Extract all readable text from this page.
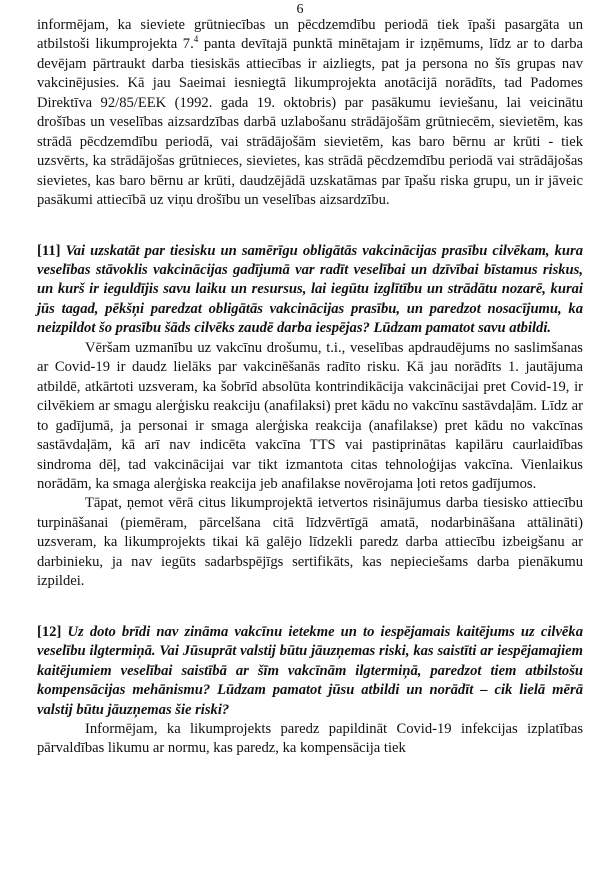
6

informējam, ka sieviete grūtniecības un pēcdzemdību periodā tiek īpaši pasargāta un atbilstoši likumprojekta 7.$^4$ panta devītajā punktā minētajam ir izņēmums, līdz ar to darba devējam pārtraukt darba tiesiskās attiecības ir aizliegts, pat ja persona no šīs grupas nav vakcinējusies. Kā jau Saeimai iesniegtā likumprojekta anotācijā norādīts, tad Padomes Direktīva 92/85/EEK (1992. gada 19. oktobris) par pasākumu ieviešanu, lai veicinātu drošības un veselības aizsardzības darbā uzlabošanu strādājošām grūtniecēm, sievietēm, kas strādā pēcdzemdību periodā, vai strādājošām sievietēm, kas baro bērnu ar krūti - tiek uzsvērts, ka strādājošas grūtnieces, sievietes, kas strādā pēcdzemdību periodā vai strādājošas sievietes, kas baro bērnu ar krūti, daudzējādā uzskatāmas par īpašu riska grupu, un ir jāveic pasākumi attiecībā uz viņu drošību un veselības aizsardzību.

[11] Vai uzskatāt par tiesisku un samērīgu obligātās vakcinācijas prasību cilvēkam, kura veselības stāvoklis vakcinācijas gadījumā var radīt veselībai un dzīvībai bīstamus riskus, un kurš ir ieguldījis savu laiku un resursus, lai iegūtu izglītību un strādātu nozarē, kurai jūs tagad, pēkšņi paredzat obligātās vakcinācijas prasību, un paredzot nosacījumu, ka neizpildot šo prasību šāds cilvēks zaudē darba iespējas? Lūdzam pamatot savu atbildi.

Vēršam uzmanību uz vakcīnu drošumu, t.i., veselības apdraudējums no saslimšanas ar Covid-19 ir daudz lielāks par vakcinēšanās radīto risku. Kā jau norādīts 1. jautājuma atbildē, atkārtoti uzsveram, ka šobrīd absolūta kontrindikācija vakcinācijai pret Covid-19, ir cilvēkiem ar smagu alerģisku reakciju (anafilaksi) pret kādu no vakcīnu sastāvdaļām. Līdz ar to gadījumā, ja personai ir smaga alerģiska reakcija (anafilakse) pret kādu no vakcīnas sastāvdaļām, kā arī nav indicēta vakcīna TTS vai pastiprinātas kapilāru caurlaidības sindroma dēļ, tad vakcinācijai var tikt izmantota citas tehnoloģijas vakcīna. Vienlaikus norādām, ka smaga alerģiska reakcija jeb anafilakse novērojama ļoti retos gadījumos.

Tāpat, ņemot vērā citus likumprojektā ietvertos risinājumus darba tiesisko attiecību turpināšanai (piemēram, pārcelšana citā līdzvērtīgā amatā, nodarbināšana attālināti) uzsveram, ka likumprojekts tikai kā galējo līdzekli paredz darba attiecību izbeigšanu ar darbinieku, ja nav iegūts sadarbspējīgs sertifikāts, kas nepieciešams darba pienākumu izpildei.

[12] Uz doto brīdi nav zināma vakcīnu ietekme un to iespējamais kaitējums uz cilvēka veselību ilgtermiņā. Vai Jūsuprāt valstij būtu jāuzņemas riski, kas saistīti ar iespējamajiem kaitējumiem veselībai saistībā ar šīm vakcīnām ilgtermiņā, paredzot tiem atbilstošu kompensācijas mehānismu? Lūdzam pamatot jūsu atbildi un norādīt – cik lielā mērā valstij būtu jāuzņemas šie riski?

Informējam, ka likumprojekts paredz papildināt Covid-19 infekcijas izplatības pārvaldības likumu ar normu, kas paredz, ka kompensācija tiek
